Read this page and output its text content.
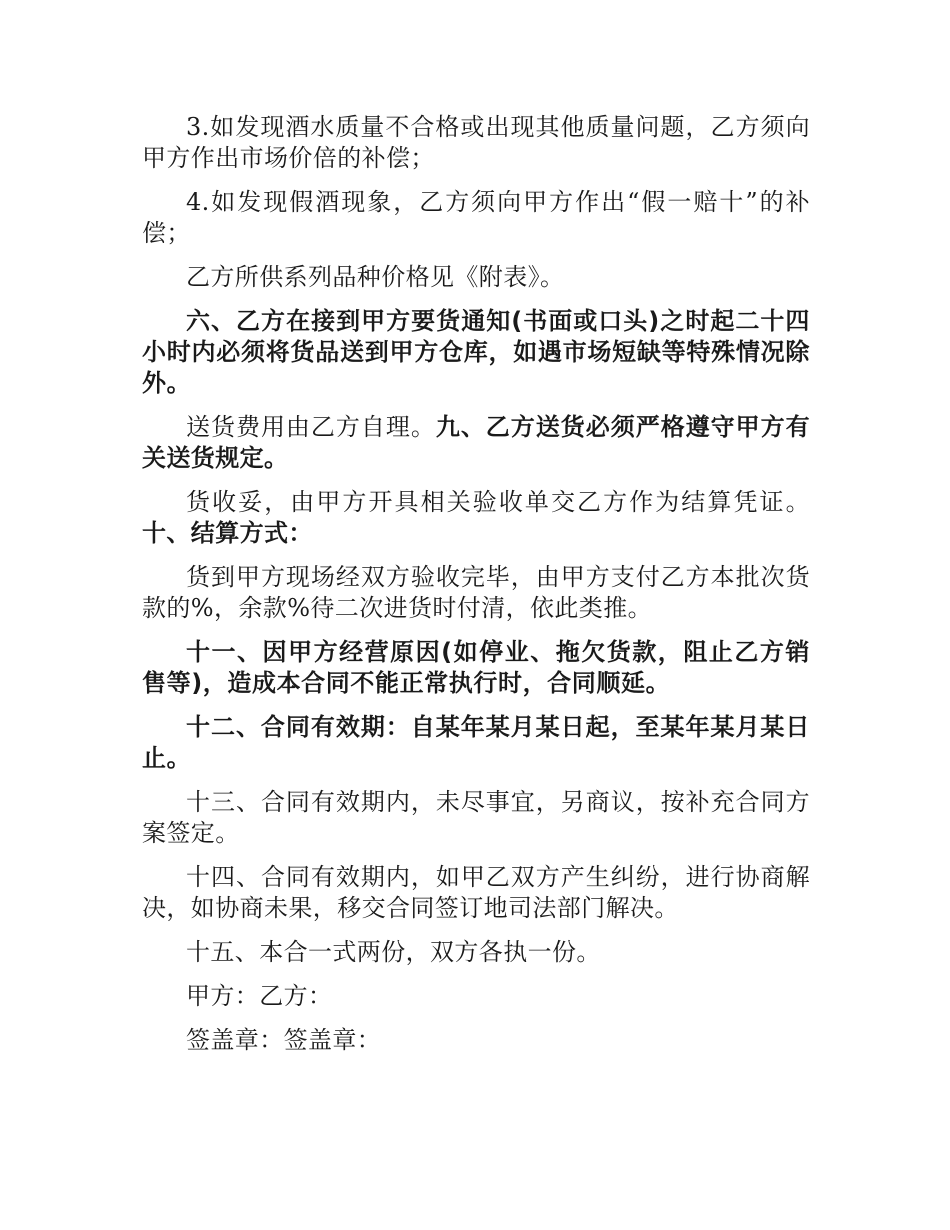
3.如发现酒水质量不合格或出现其他质量问题，乙方须向甲方作出市场价倍的补偿；

4.如发现假酒现象，乙方须向甲方作出“假一赔十”的补偿；

乙方所供系列品种价格见《附表》。

六、乙方在接到甲方要货通知(书面或口头)之时起二十四小时内必须将货品送到甲方仓库，如遇市场短缺等特殊情况除外。

送货费用由乙方自理。九、乙方送货必须严格遵守甲方有关送货规定。

货收妥，由甲方开具相关验收单交乙方作为结算凭证。十、结算方式：

货到甲方现场经双方验收完毕，由甲方支付乙方本批次货款的%，余款%待二次进货时付清，依此类推。

十一、因甲方经营原因(如停业、拖欠货款，阻止乙方销售等)，造成本合同不能正常执行时，合同顺延。

十二、合同有效期：自某年某月某日起，至某年某月某日止。

十三、合同有效期内，未尽事宜，另商议，按补充合同方案签定。

十四、合同有效期内，如甲乙双方产生纠纷，进行协商解决，如协商未果，移交合同签订地司法部门解决。

十五、本合一式两份，双方各执一份。

甲方：乙方：

签盖章：签盖章：
